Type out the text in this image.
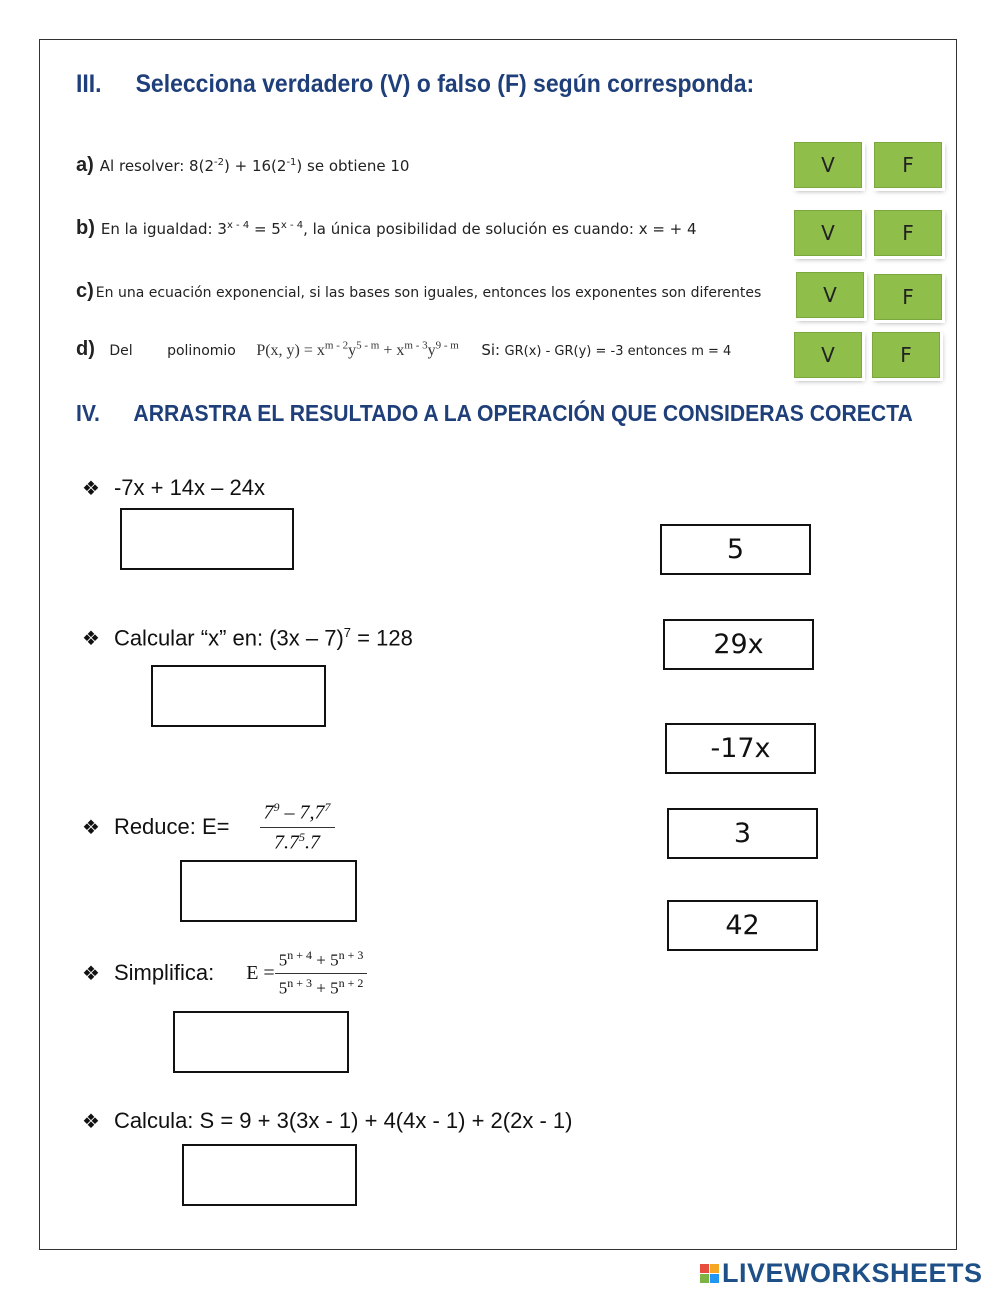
III. Selecciona verdadero (V) o falso (F) según corresponda:
a) Al resolver: $8(2^{-2}) + 16(2^{-1})$ se obtiene 10
b) En la igualdad: $3^{x - 4} = 5^{x - 4}$, la única posibilidad de solución es cuando: x = + 4
c) En una ecuación exponencial, si las bases son iguales, entonces los exponentes son diferentes
d) Del polinomio P(x, $y) = x^{m - 2}y^{5 - m} + x^{m - 3}y^{9 - m}$ Si: GR(x) - GR(y) = -3 entonces m = 4
V	F
V	F
V	F
V	F
IV. ARRASTRA EL RESULTADO A LA OPERACIÓN QUE CONSIDERAS CORECTA
❖ -7x + 14x – 24x
❖ Calcular “x” en: (3x – 7)$^7$ = 128
❖ Reduce: $E= \frac{7^9 - 7,7^7}{7.7^5.7}$
❖ Simplifica: $E = \frac{5^{n + 4} + 5^{n + 3}}{5^{n + 3} + 5^{n + 2}}$
❖ Calcula: S = 9 + 3(3x - 1) + 4(4x - 1) + 2(2x - 1)
5
29x
-17x
3
42
LIVEWORKSHEETS
